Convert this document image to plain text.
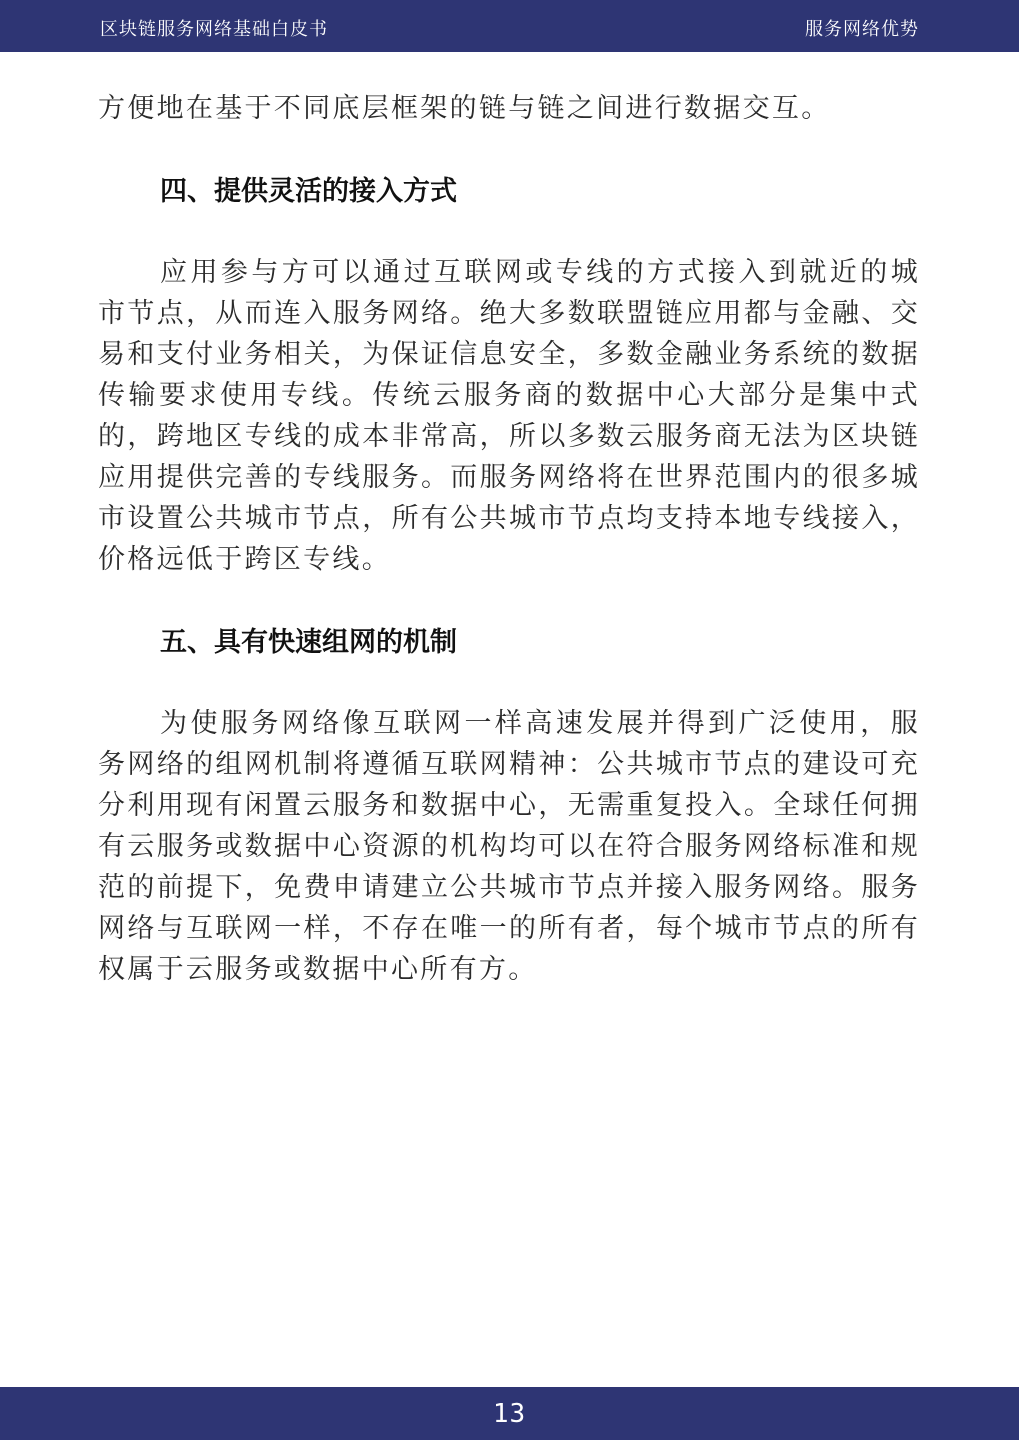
区块链服务网络基础白皮书	服务网络优势

方便地在基于不同底层框架的链与链之间进行数据交互。

四、提供灵活的接入方式

应用参与方可以通过互联网或专线的方式接入到就近的城市节点，从而连入服务网络。绝大多数联盟链应用都与金融、交易和支付业务相关，为保证信息安全，多数金融业务系统的数据传输要求使用专线。传统云服务商的数据中心大部分是集中式的，跨地区专线的成本非常高，所以多数云服务商无法为区块链应用提供完善的专线服务。而服务网络将在世界范围内的很多城市设置公共城市节点，所有公共城市节点均支持本地专线接入，价格远低于跨区专线。

五、具有快速组网的机制

为使服务网络像互联网一样高速发展并得到广泛使用，服务网络的组网机制将遵循互联网精神：公共城市节点的建设可充分利用现有闲置云服务和数据中心，无需重复投入。全球任何拥有云服务或数据中心资源的机构均可以在符合服务网络标准和规范的前提下，免费申请建立公共城市节点并接入服务网络。服务网络与互联网一样，不存在唯一的所有者，每个城市节点的所有权属于云服务或数据中心所有方。

13
